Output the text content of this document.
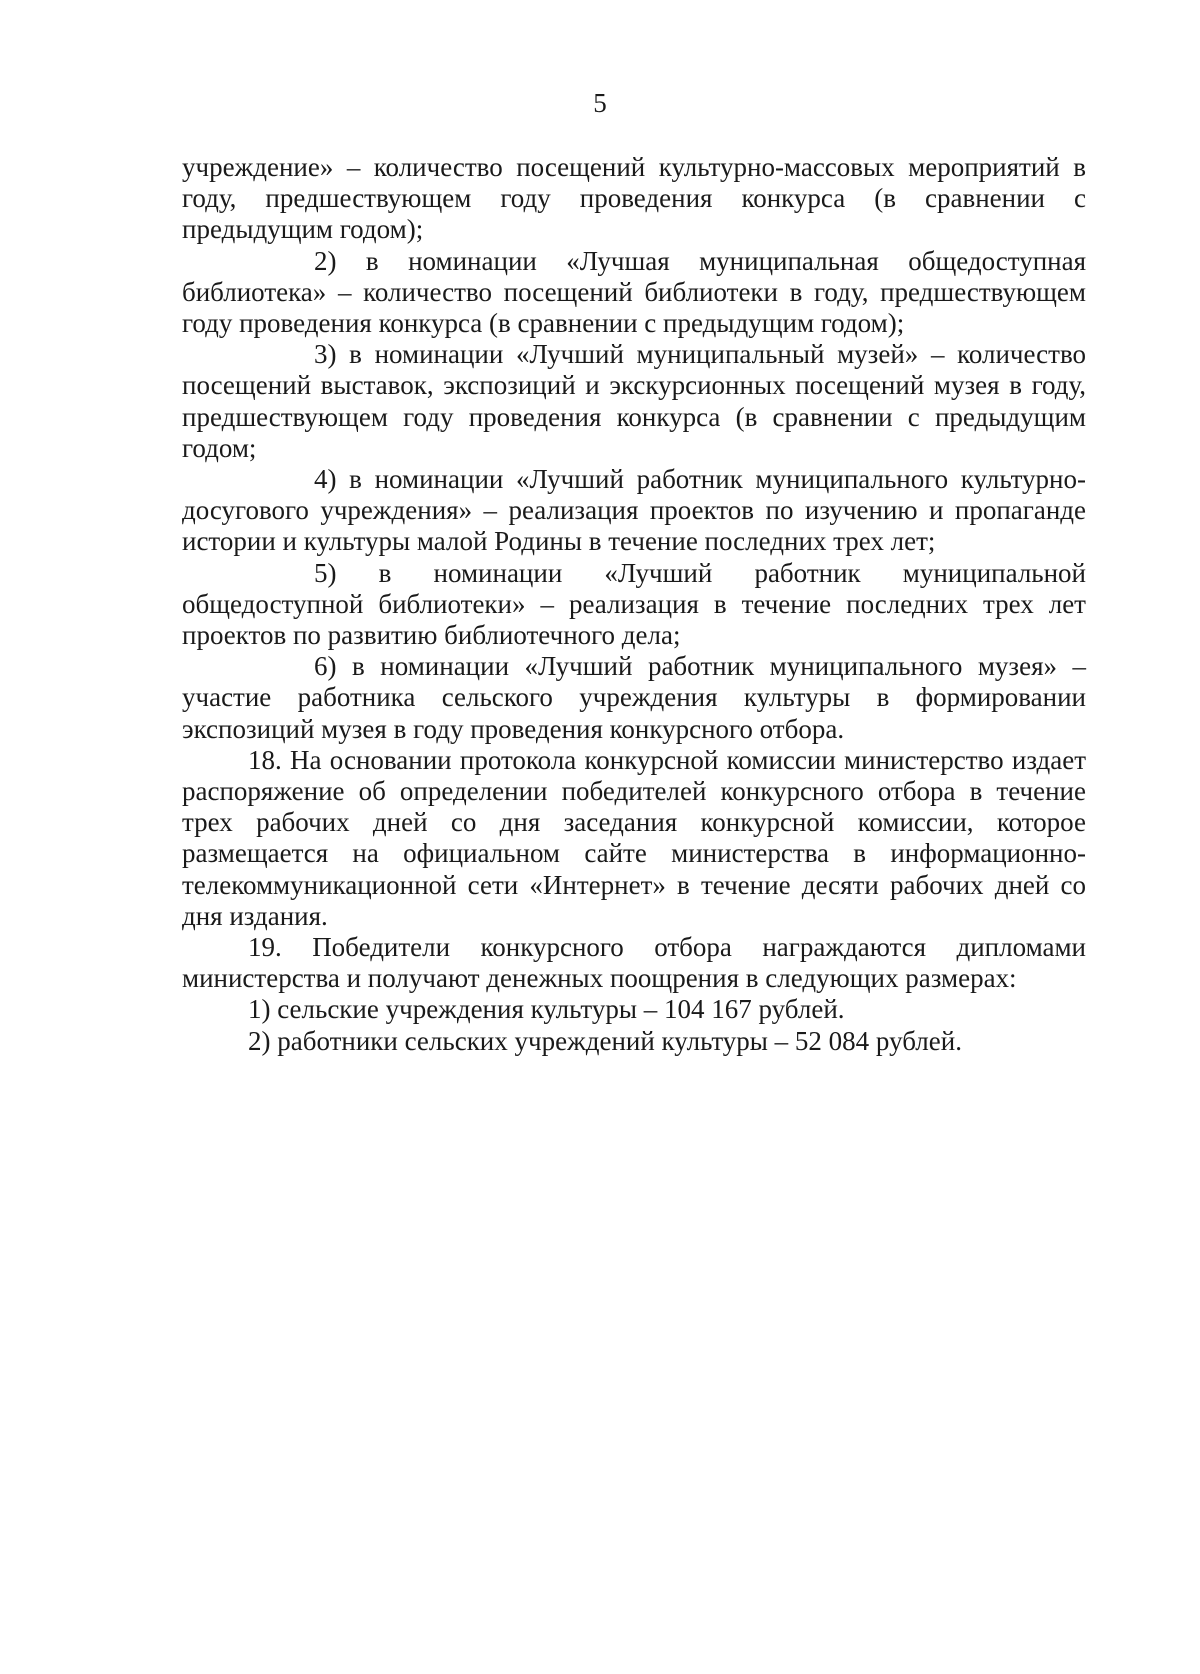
5

учреждение» – количество посещений культурно-массовых мероприятий в году, предшествующем году проведения конкурса (в сравнении с предыдущим годом);

2) в номинации «Лучшая муниципальная общедоступная библиотека» – количество посещений библиотеки в году, предшествующем году проведения конкурса (в сравнении с предыдущим годом);

3) в номинации «Лучший муниципальный музей» – количество посещений выставок, экспозиций и экскурсионных посещений музея в году, предшествующем году проведения конкурса (в сравнении с предыдущим годом;

4) в номинации «Лучший работник муниципального культурно-досугового учреждения» – реализация проектов по изучению и пропаганде истории и культуры малой Родины в течение последних трех лет;

5) в номинации «Лучший работник муниципальной общедоступной библиотеки» – реализация в течение последних трех лет проектов по развитию библиотечного дела;

6) в номинации «Лучший работник муниципального музея» – участие работника сельского учреждения культуры в формировании экспозиций музея в году проведения конкурсного отбора.

18. На основании протокола конкурсной комиссии министерство издает распоряжение об определении победителей конкурсного отбора в течение трех рабочих дней со дня заседания конкурсной комиссии, которое размещается на официальном сайте министерства в информационно-телекоммуникационной сети «Интернет» в течение десяти рабочих дней со дня издания.

19. Победители конкурсного отбора награждаются дипломами министерства и получают денежных поощрения в следующих размерах:

1) сельские учреждения культуры – 104 167 рублей.

2) работники сельских учреждений культуры – 52 084 рублей.
